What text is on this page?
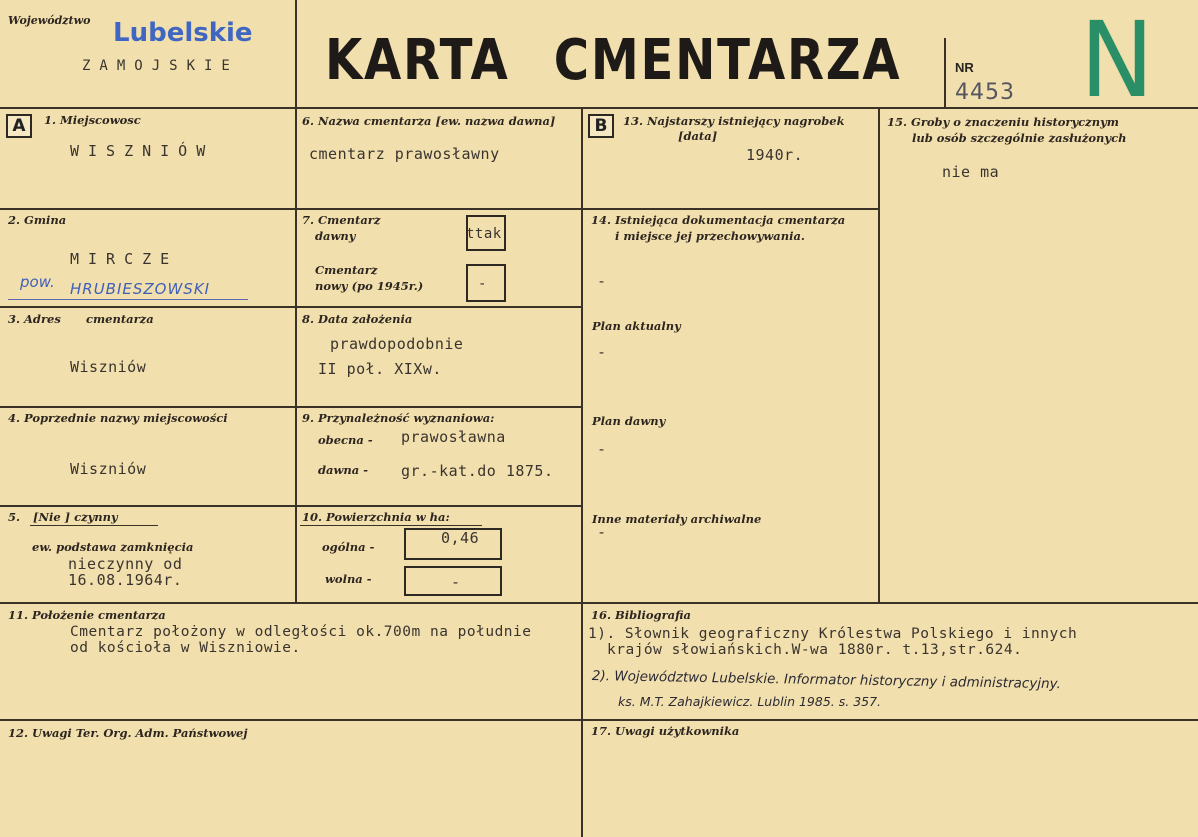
Województwo Lubelskie
ZAMOJSKIE KARTA CMENTARZA	NR
4453 N
A	1. Miejscowosc
WISZNIÓW
6. Nazwa cmentarza [ew. nazwa dawna]
cmentarz prawosławny
B	13. Najstarszy istniejący nagrobek
[data]
1940r.
15. Groby o znaczeniu historycznym
lub osób szczególnie zasłużonych
nie ma
2. Gmina
MIRCZE
pow. HRUBIESZOWSKI
7. Cmentarz
dawny	ttak
Cmentarz
nowy (po 1945r.)	-
14. Istniejąca dokumentacja cmentarza
i miejsce jej przechowywania.
-
Plan aktualny
-
Plan dawny
-
Inne materiały archiwalne
-
3. Adres cmentarza
Wiszniów
8. Data założenia
prawdopodobnie
II poł. XIXw.
4. Poprzednie nazwy miejscowości
Wiszniów
9. Przynależność wyznaniowa:
obecna - prawosławna
dawna - gr.-kat.do 1875.
5. [Nie ] czynny
ew. podstawa zamknięcia
nieczynny od
16.08.1964r.
10. Powierzchnia w ha:
ogólna -	0,46
wolna -	-
11. Położenie cmentarza
Cmentarz położony w odległości ok.700m na południe
od kościoła w Wiszniowie.
16. Bibliografia
1). Słownik geograficzny Królestwa Polskiego i innych
krajów słowiańskich.W-wa 1880r. t.13,str.624.
2). Województwo Lubelskie. Informator historyczny i administracyjny.
ks. M.T. Zahajkiewicz. Lublin 1985. s. 357.
12. Uwagi Ter. Org. Adm. Państwowej	17. Uwagi użytkownika
